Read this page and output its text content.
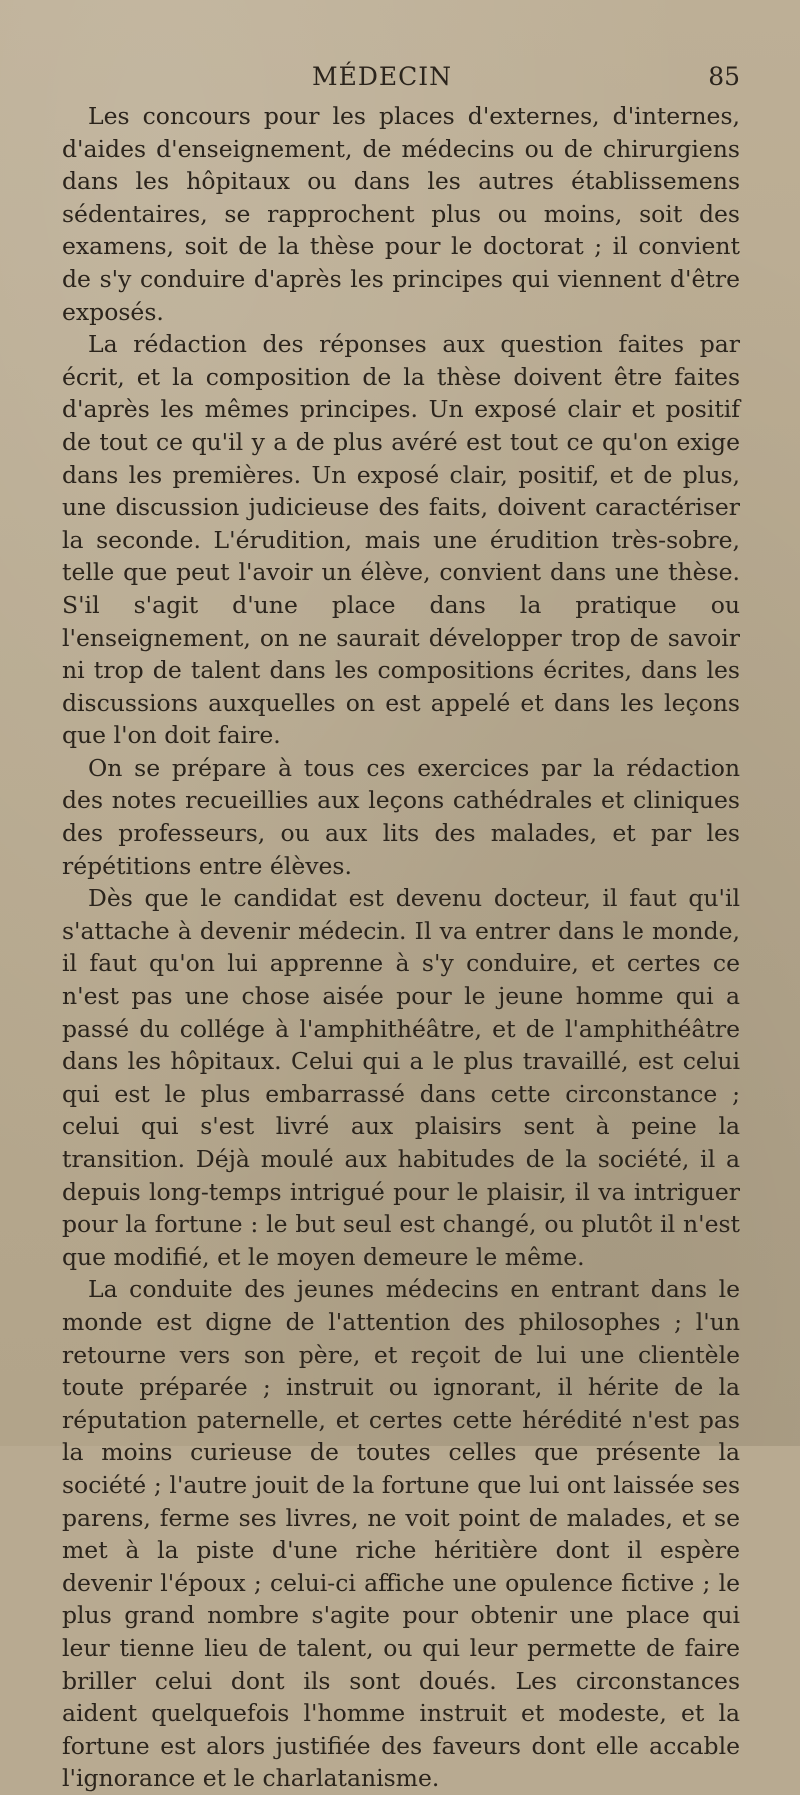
MÉDECIN	85

Les concours pour les places d'externes, d'internes, d'aides d'enseignement, de médecins ou de chirurgiens dans les hôpitaux ou dans les autres établissemens sédentaires, se rapprochent plus ou moins, soit des examens, soit de la thèse pour le doctorat ; il convient de s'y conduire d'après les principes qui viennent d'être exposés.

La rédaction des réponses aux question faites par écrit, et la composition de la thèse doivent être faites d'après les mêmes principes. Un exposé clair et positif de tout ce qu'il y a de plus avéré est tout ce qu'on exige dans les premières. Un exposé clair, positif, et de plus, une discussion judicieuse des faits, doivent caractériser la seconde. L'érudition, mais une érudition très-sobre, telle que peut l'avoir un élève, convient dans une thèse. S'il s'agit d'une place dans la pratique ou l'enseignement, on ne saurait développer trop de savoir ni trop de talent dans les compositions écrites, dans les discussions auxquelles on est appelé et dans les leçons que l'on doit faire.

On se prépare à tous ces exercices par la rédaction des notes recueillies aux leçons cathédrales et cliniques des professeurs, ou aux lits des malades, et par les répétitions entre élèves.

Dès que le candidat est devenu docteur, il faut qu'il s'attache à devenir médecin. Il va entrer dans le monde, il faut qu'on lui apprenne à s'y conduire, et certes ce n'est pas une chose aisée pour le jeune homme qui a passé du collége à l'amphithéâtre, et de l'amphithéâtre dans les hôpitaux. Celui qui a le plus travaillé, est celui qui est le plus embarrassé dans cette circonstance ; celui qui s'est livré aux plaisirs sent à peine la transition. Déjà moulé aux habitudes de la société, il a depuis long-temps intrigué pour le plaisir, il va intriguer pour la fortune : le but seul est changé, ou plutôt il n'est que modifié, et le moyen demeure le même.

La conduite des jeunes médecins en entrant dans le monde est digne de l'attention des philosophes ; l'un retourne vers son père, et reçoit de lui une clientèle toute préparée ; instruit ou ignorant, il hérite de la réputation paternelle, et certes cette hérédité n'est pas la moins curieuse de toutes celles que présente la société ; l'autre jouit de la fortune que lui ont laissée ses parens, ferme ses livres, ne voit point de malades, et se met à la piste d'une riche héritière dont il espère devenir l'époux ; celui-ci affiche une opulence fictive ; le plus grand nombre s'agite pour obtenir une place qui leur tienne lieu de talent, ou qui leur permette de faire briller celui dont ils sont doués. Les circonstances aident quelquefois l'homme instruit et modeste, et la fortune est alors justifiée des faveurs dont elle accable l'ignorance et le charlatanisme.
